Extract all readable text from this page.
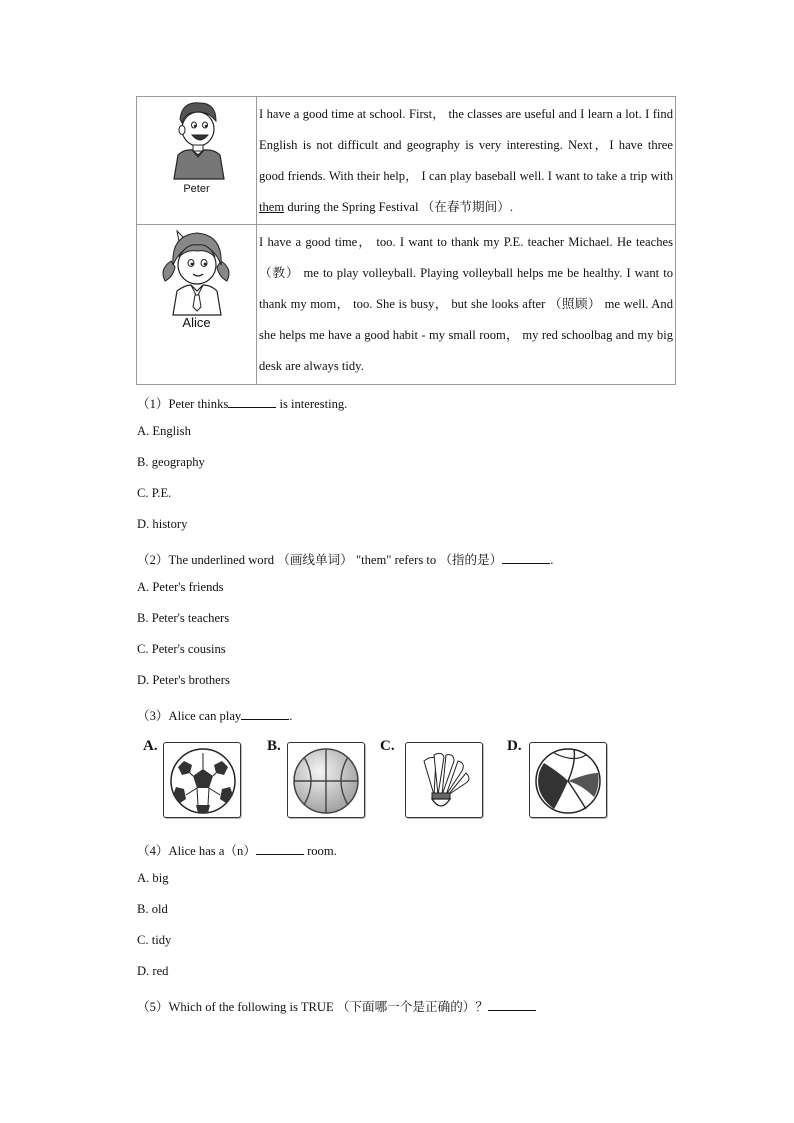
Peter	I have a good time at school. First， the classes are useful and I learn a lot. I find English is not difficult and geography is very interesting. Next，I have three good friends. With their help， I can play baseball well. I want to take a trip with them during the Spring Festival （在春节期间）.

Alice	I have a good time， too. I want to thank my P.E. teacher Michael. He teaches （教） me to play volleyball. Playing volleyball helps me be healthy. I want to thank my mom， too. She is busy， but she looks after （照顾） me well. And she helps me have a good habit - my small room， my red schoolbag and my big desk are always tidy.
（1）Peter thinks	is interesting.
A. English
B. geography
C. P.E.
D. history
（2）The underlined word （画线单词） "them" refers to （指的是）	.
A. Peter's friends
B. Peter's teachers
C. Peter's cousins
D. Peter's brothers
（3）Alice can play	.
A.	B.	C.	D.
（4）Alice has a（n）	room.
A. big
B. old
C. tidy
D. red
（5）Which of the following is TRUE （下面哪一个是正确的）？
